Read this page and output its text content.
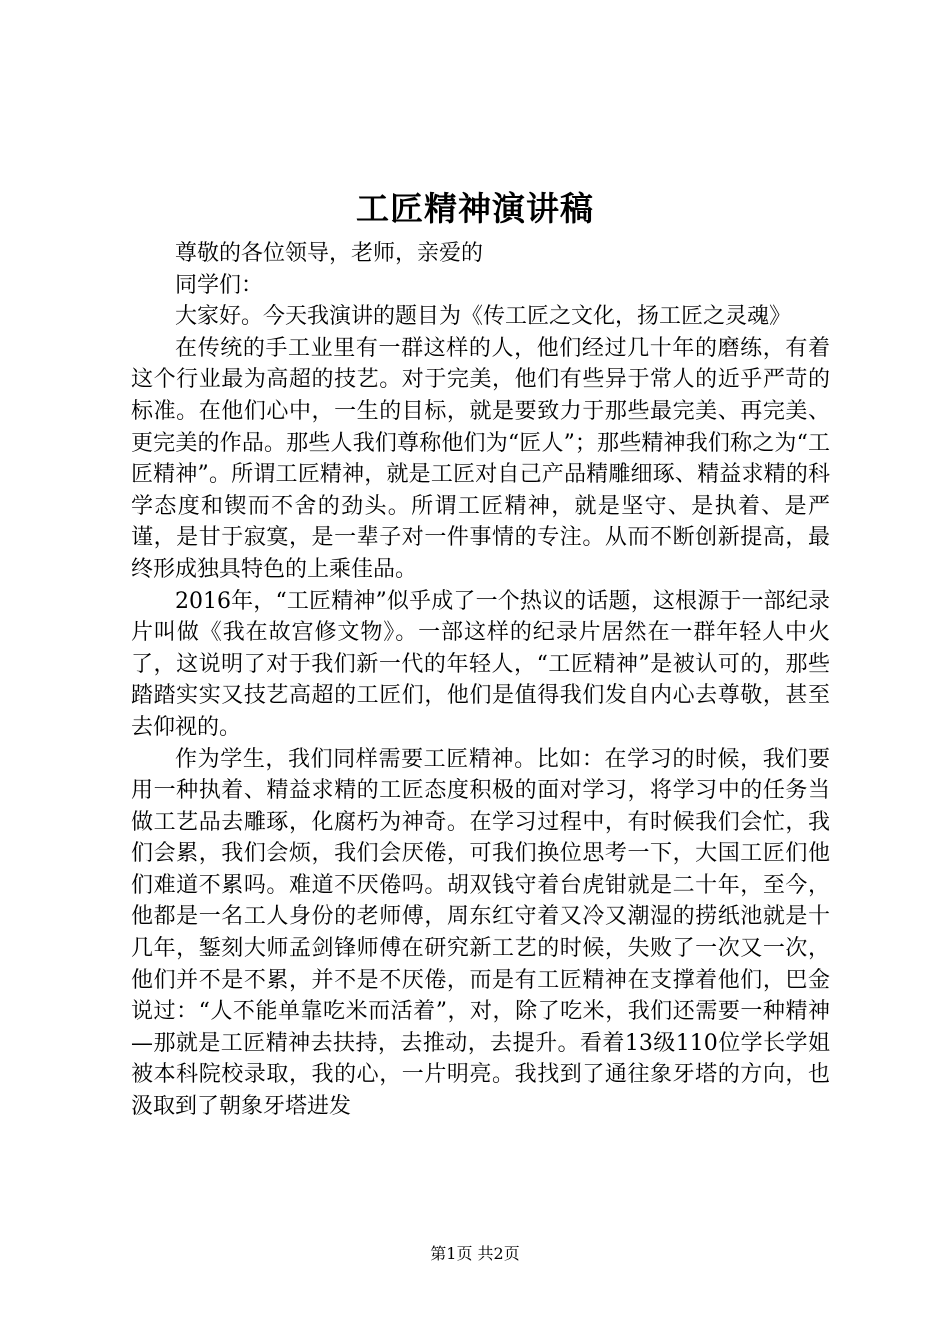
工匠精神演讲稿

尊敬的各位领导，老师，亲爱的

同学们：

大家好。今天我演讲的题目为《传工匠之文化，扬工匠之灵魂》

在传统的手工业里有一群这样的人，他们经过几十年的磨练，有着这个行业最为高超的技艺。对于完美，他们有些异于常人的近乎严苛的标准。在他们心中，一生的目标，就是要致力于那些最完美、再完美、更完美的作品。那些人我们尊称他们为“匠人”；那些精神我们称之为“工匠精神”。所谓工匠精神，就是工匠对自己产品精雕细琢、精益求精的科学态度和锲而不舍的劲头。所谓工匠精神，就是坚守、是执着、是严谨，是甘于寂寞，是一辈子对一件事情的专注。从而不断创新提高，最终形成独具特色的上乘佳品。

2016年，“工匠精神”似乎成了一个热议的话题，这根源于一部纪录片叫做《我在故宫修文物》。一部这样的纪录片居然在一群年轻人中火了，这说明了对于我们新一代的年轻人，“工匠精神”是被认可的，那些踏踏实实又技艺高超的工匠们，他们是值得我们发自内心去尊敬，甚至去仰视的。

作为学生，我们同样需要工匠精神。比如：在学习的时候，我们要用一种执着、精益求精的工匠态度积极的面对学习，将学习中的任务当做工艺品去雕琢，化腐朽为神奇。在学习过程中，有时候我们会忙，我们会累，我们会烦，我们会厌倦，可我们换位思考一下，大国工匠们他们难道不累吗。难道不厌倦吗。胡双钱守着台虎钳就是二十年，至今，他都是一名工人身份的老师傅，周东红守着又冷又潮湿的捞纸池就是十几年，錾刻大师孟剑锋师傅在研究新工艺的时候，失败了一次又一次，他们并不是不累，并不是不厌倦，而是有工匠精神在支撑着他们，巴金说过：“人不能单靠吃米而活着”，对，除了吃米，我们还需要一种精神—那就是工匠精神去扶持，去推动，去提升。看着13级110位学长学姐被本科院校录取，我的心，一片明亮。我找到了通往象牙塔的方向，也汲取到了朝象牙塔进发

第1页 共2页
